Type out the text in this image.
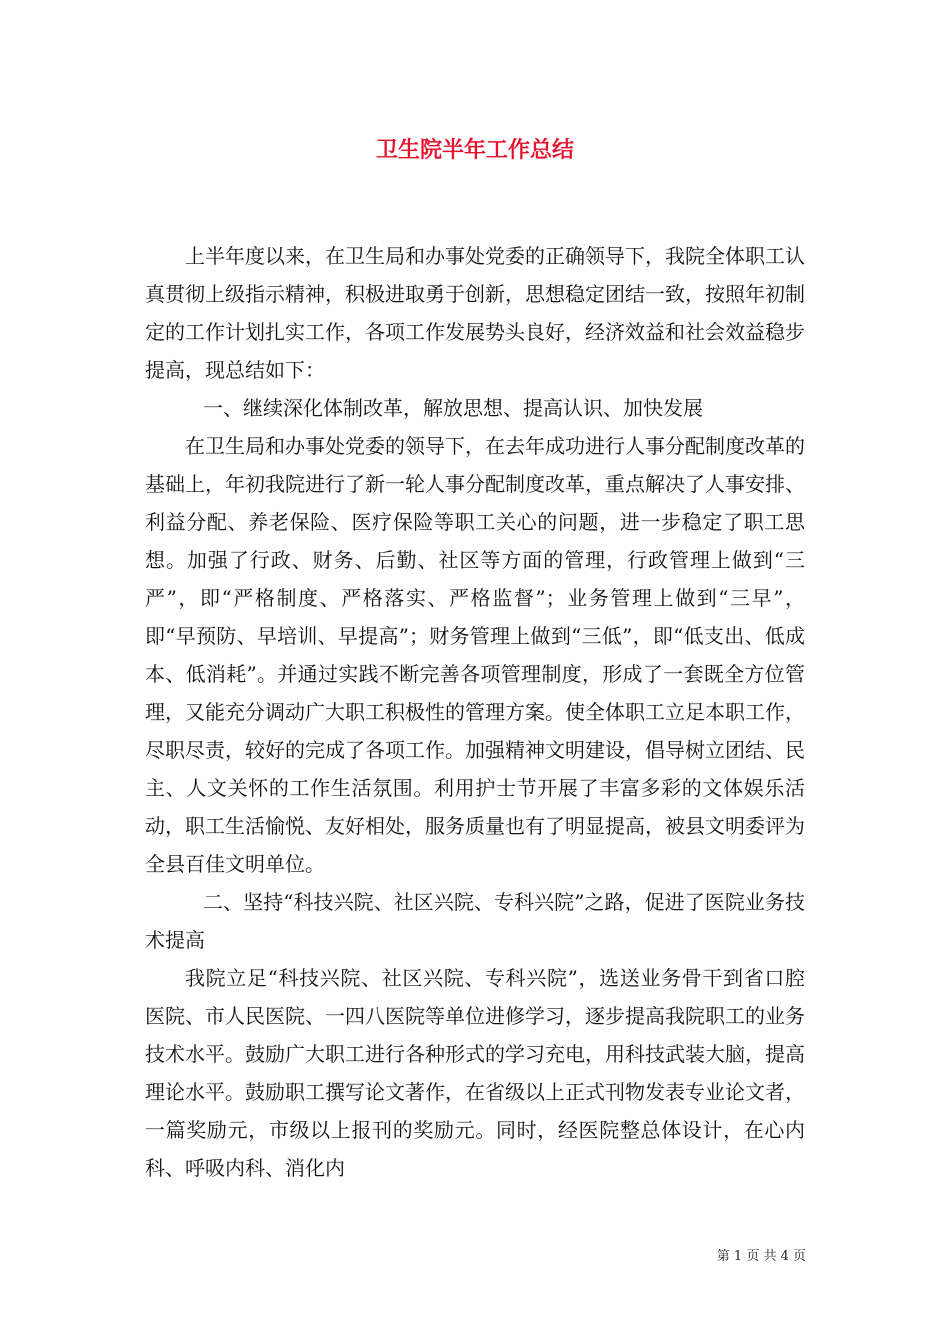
卫生院半年工作总结

上半年度以来，在卫生局和办事处党委的正确领导下，我院全体职工认真贯彻上级指示精神，积极进取勇于创新，思想稳定团结一致，按照年初制定的工作计划扎实工作，各项工作发展势头良好，经济效益和社会效益稳步提高，现总结如下：

一、继续深化体制改革，解放思想、提高认识、加快发展

在卫生局和办事处党委的领导下，在去年成功进行人事分配制度改革的基础上，年初我院进行了新一轮人事分配制度改革，重点解决了人事安排、利益分配、养老保险、医疗保险等职工关心的问题，进一步稳定了职工思想。加强了行政、财务、后勤、社区等方面的管理，行政管理上做到“三严”，即“严格制度、严格落实、严格监督”；业务管理上做到“三早”，即“早预防、早培训、早提高”；财务管理上做到“三低”，即“低支出、低成本、低消耗”。并通过实践不断完善各项管理制度，形成了一套既全方位管理，又能充分调动广大职工积极性的管理方案。使全体职工立足本职工作，尽职尽责，较好的完成了各项工作。加强精神文明建设，倡导树立团结、民主、人文关怀的工作生活氛围。利用护士节开展了丰富多彩的文体娱乐活动，职工生活愉悦、友好相处，服务质量也有了明显提高，被县文明委评为全县百佳文明单位。

二、坚持“科技兴院、社区兴院、专科兴院”之路，促进了医院业务技术提高

我院立足“科技兴院、社区兴院、专科兴院”，选送业务骨干到省口腔医院、市人民医院、一四八医院等单位进修学习，逐步提高我院职工的业务技术水平。鼓励广大职工进行各种形式的学习充电，用科技武装大脑，提高理论水平。鼓励职工撰写论文著作，在省级以上正式刊物发表专业论文者，一篇奖励元，市级以上报刊的奖励元。同时，经医院整总体设计，在心内科、呼吸内科、消化内

第 1 页 共 4 页
